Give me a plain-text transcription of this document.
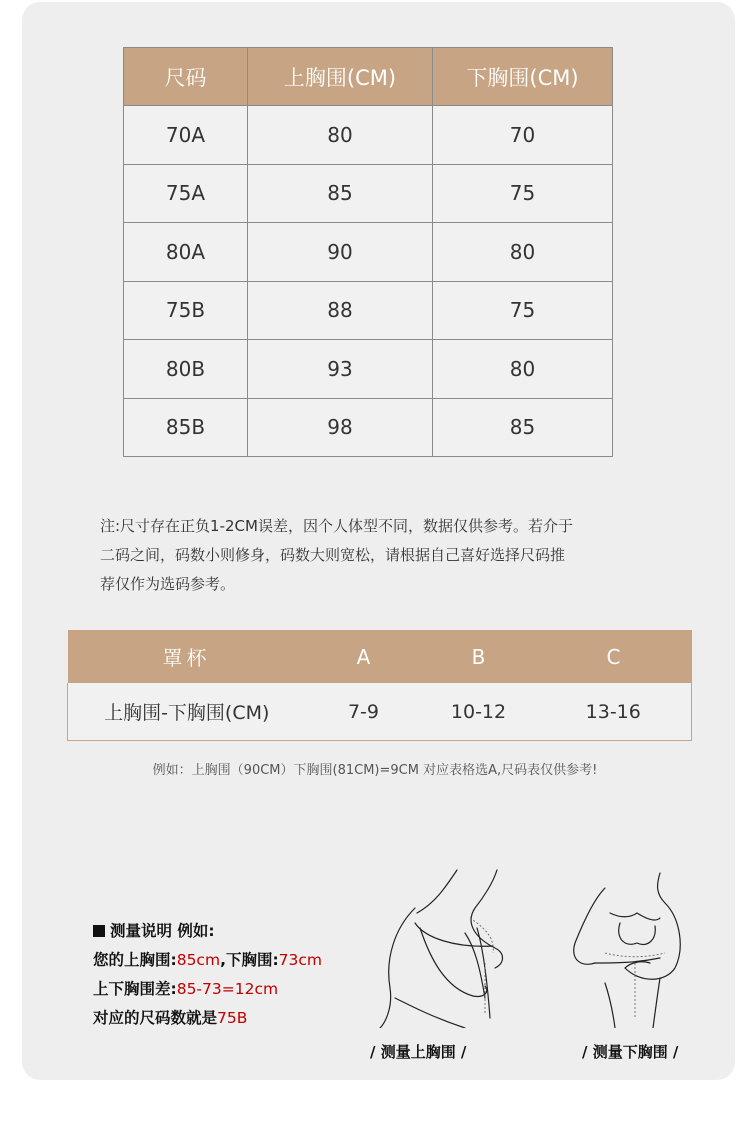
尺码	上胸围(CM)	下胸围(CM)
70A	80	70
75A	85	75
80A	90	80
75B	88	75
80B	93	80
85B	98	85
注:尺寸存在正负1-2CM误差，因个人体型不同，数据仅供参考。若介于
二码之间，码数小则修身，码数大则宽松，请根据自己喜好选择尺码推
荐仅作为选码参考。
罩杯	A	B	C
上胸围-下胸围(CM)	7-9	10-12	13-16
例如：上胸围（90CM）下胸围(81CM)=9CM 对应表格选A,尺码表仅供参考!
测量说明 例如:
您的上胸围:85cm,下胸围:73cm
上下胸围差:85-73=12cm
对应的尺码数就是75B
/ 测量上胸围 /	/ 测量下胸围 /
